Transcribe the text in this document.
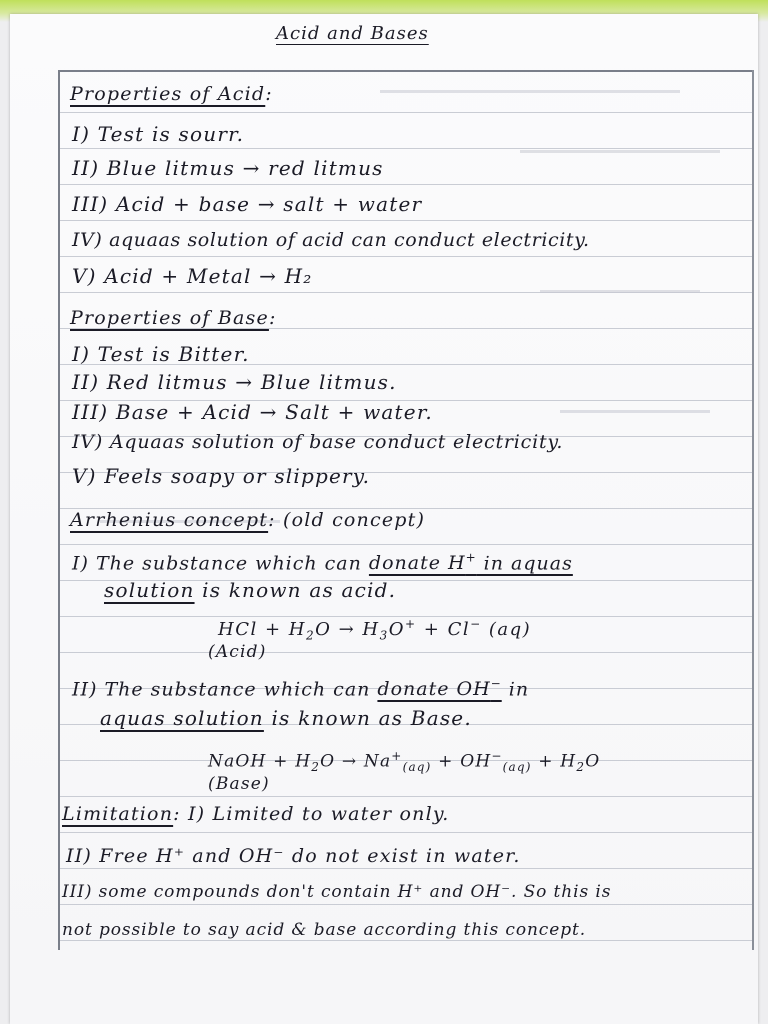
Acid and Bases
Properties of Acid:
I) Test is sourr.
II) Blue litmus → red litmus
III) Acid + base → salt + water
IV) aquaas solution of acid can conduct electricity.
V) Acid + Metal → H₂
Properties of Base:
I) Test is Bitter.
II) Red litmus → Blue litmus.
III) Base + Acid → Salt + water.
IV) Aquaas solution of base conduct electricity.
V) Feels soapy or slippery.
Arrhenius concept: (old concept)
I) The substance which can donate H+ in aquas
solution is known as acid.
HCl + $H_2O \to H_3O^+ + Cl^-$ (aq)
(Acid)
II) The substance which can donate OH− in
aquas solution is known as Base.
NaOH + $H_2O \to Na^+_{(aq)} + OH^-_{(aq)} + H_2O$
(Base)
Limitation: I) Limited to water only.
II) Free H⁺ and OH⁻ do not exist in water.
III) some compounds don't contain H⁺ and OH⁻. So this is
not possible to say acid & base according this concept.
